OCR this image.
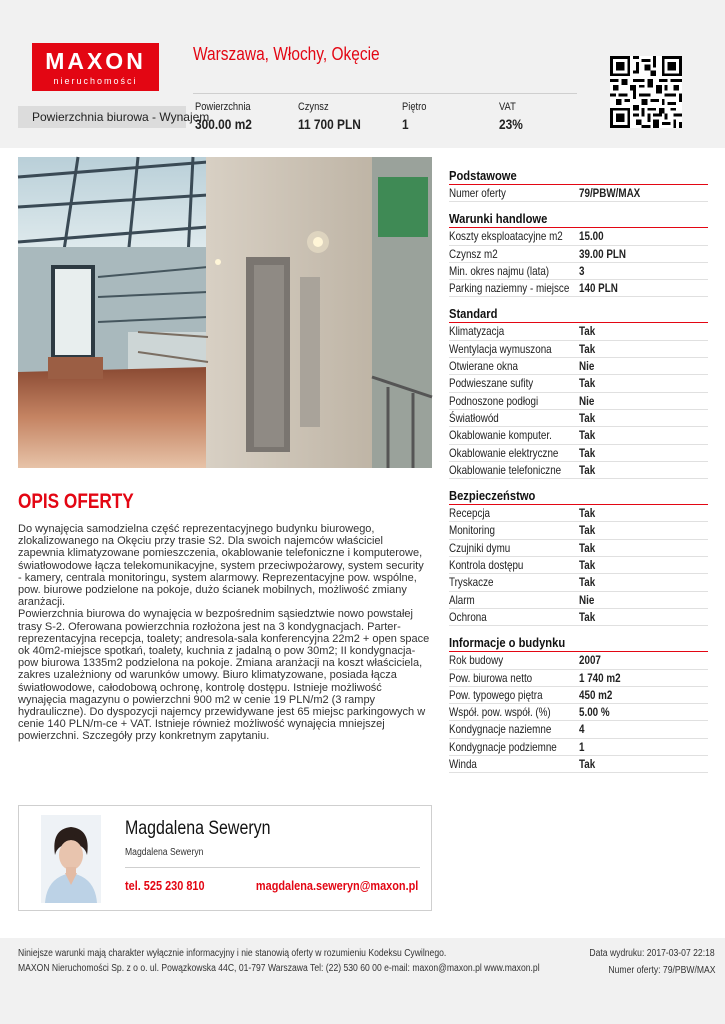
MAXON
nieruchomości
Warszawa, Włochy, Okęcie
Powierzchnia biurowa - Wynajem
Powierzchnia
300.00 m2
Czynsz
11 700 PLN
Piętro
1
VAT
23%
OPIS OFERTY

Do wynajęcia samodzielna część reprezentacyjnego budynku biurowego, zlokalizowanego na Okęciu przy trasie S2. Dla swoich najemców właściciel zapewnia klimatyzowane pomieszczenia, okablowanie telefoniczne i komputerowe, światłowodowe łącza telekomunikacyjne, system przeciwpożarowy, system security - kamery, centrala monitoringu, system alarmowy. Reprezentacyjne pow. wspólne, pow. biurowe podzielone na pokoje, dużo ścianek mobilnych, możliwość zmiany aranżacji.

Powierzchnia biurowa do wynajęcia w bezpośrednim sąsiedztwie nowo powstałej trasy S-2. Oferowana powierzchnia rozłożona jest na 3 kondygnacjach. Parter-reprezentacyjna recepcja, toalety; andresola-sala konferencyjna 22m2 + open space ok 40m2-miejsce spotkań, toalety, kuchnia z jadalną o pow 30m2; II kondygnacja-pow biurowa 1335m2 podzielona na pokoje. Zmiana aranżacji na koszt właściciela, zakres uzależniony od warunków umowy. Biuro klimatyzowane, posiada łącza światłowodowe, całodobową ochronę, kontrolę dostępu. Istnieje możliwość wynajęcia magazynu o powierzchni 900 m2 w cenie 19 PLN/m2 (3 rampy hydrauliczne). Do dyspozycji najemcy przewidywane jest 65 miejsc parkingowych w cenie 140 PLN/m-ce + VAT. Istnieje również możliwość wynajęcia mniejszej powierzchni. Szczegóły przy konkretnym zapytaniu.

Podstawowe
Numer oferty	79/PBW/MAX
Warunki handlowe
Koszty eksploatacyjne m2 15.00
Czynsz m2	39.00 PLN
Min. okres najmu (lata) 3
Parking naziemny - miejsce 140 PLN
Standard
Klimatyzacja	Tak
Wentylacja wymuszona Tak
Otwierane okna	Nie
Podwieszane sufity	Tak
Podnoszone podłogi	Nie
Światłowód	Tak
Okablowanie komputer. Tak
Okablowanie elektryczne Tak
Okablowanie telefoniczne Tak
Bezpieczeństwo
Recepcja	Tak
Monitoring	Tak
Czujniki dymu	Tak
Kontrola dostępu	Tak
Tryskacze	Tak
Alarm	Nie
Ochrona	Tak
Informacje o budynku
Rok budowy	2007
Pow. biurowa netto	1 740 m2
Pow. typowego piętra	450 m2
Współ. pow. współ. (%) 5.00 %
Kondygnacje naziemne 4
Kondygnacje podziemne 1
Winda	Tak
Magdalena Seweryn
Magdalena Seweryn
tel. 525 230 810	magdalena.seweryn@maxon.pl
Niniejsze warunki mają charakter wyłącznie informacyjny i nie stanowią oferty w rozumieniu Kodeksu Cywilnego.
MAXON Nieruchomości Sp. z o o. ul. Powązkowska 44C, 01-797 Warszawa Tel: (22) 530 60 00 e-mail: maxon@maxon.pl www.maxon.pl
Data wydruku: 2017-03-07 22:18
Numer oferty: 79/PBW/MAX
